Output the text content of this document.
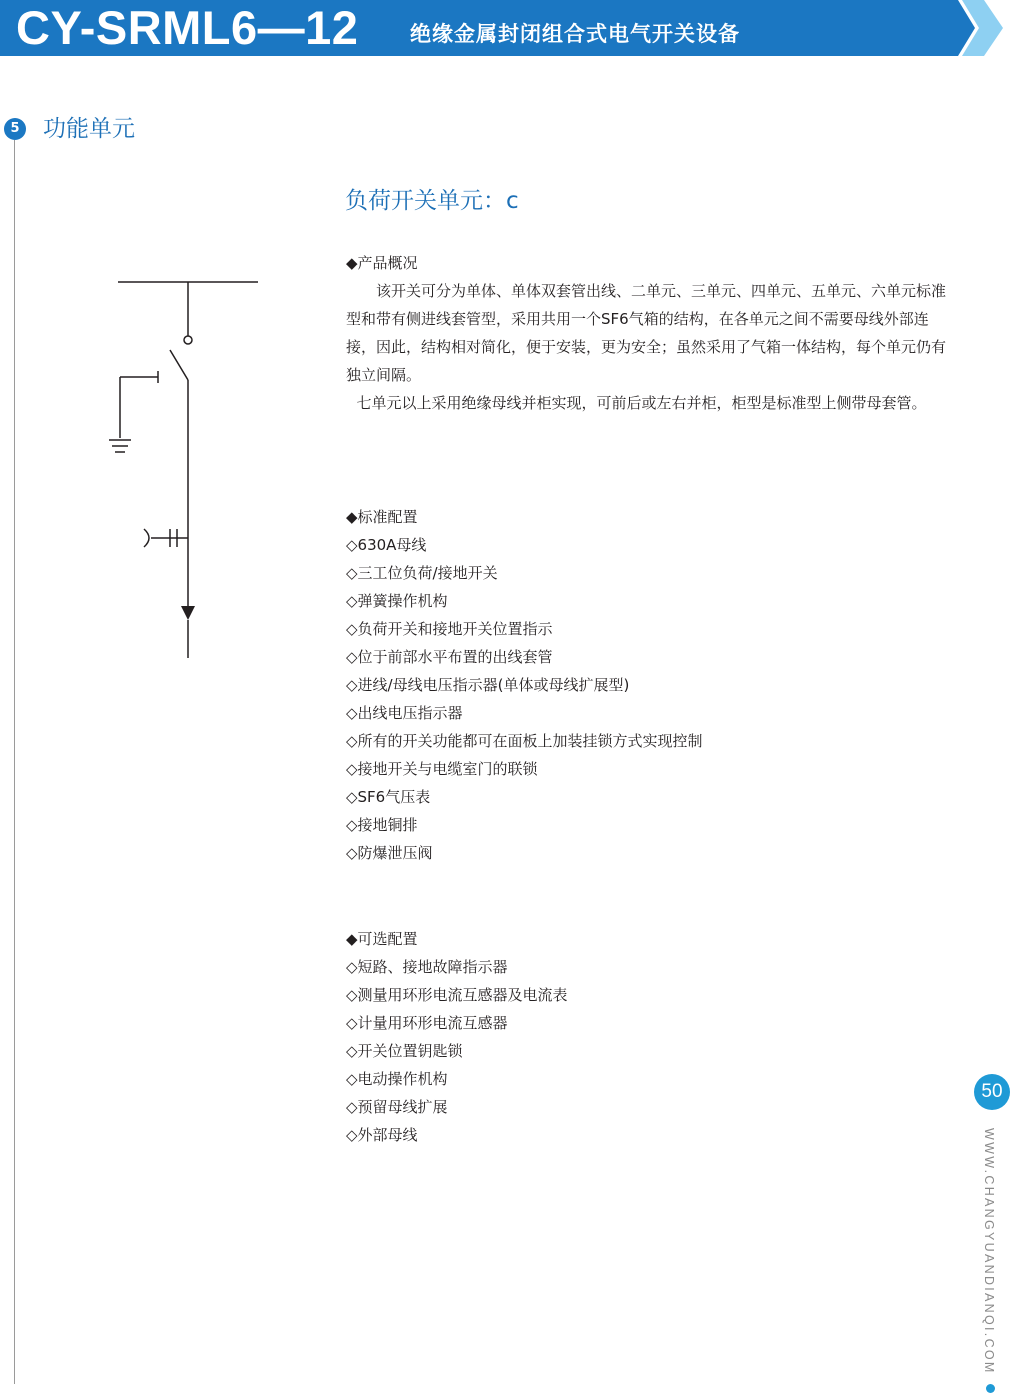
CY-SRML6—12 绝缘金属封闭组合式电气开关设备
5 功能单元
负荷开关单元：c

◆产品概况

该开关可分为单体、单体双套管出线、二单元、三单元、四单元、五单元、六单元标准型和带有侧进线套管型，采用共用一个SF6气箱的结构，在各单元之间不需要母线外部连接，因此，结构相对简化，便于安装，更为安全；虽然采用了气箱一体结构，每个单元仍有独立间隔。

七单元以上采用绝缘母线并柜实现，可前后或左右并柜，柜型是标准型上侧带母套管。

◆标准配置

◇630A母线
◇三工位负荷/接地开关
◇弹簧操作机构
◇负荷开关和接地开关位置指示
◇位于前部水平布置的出线套管
◇进线/母线电压指示器(单体或母线扩展型)
◇出线电压指示器
◇所有的开关功能都可在面板上加装挂锁方式实现控制
◇接地开关与电缆室门的联锁
◇SF6气压表
◇接地铜排
◇防爆泄压阀

◆可选配置

◇短路、接地故障指示器
◇测量用环形电流互感器及电流表
◇计量用环形电流互感器
◇开关位置钥匙锁
◇电动操作机构
◇预留母线扩展
◇外部母线
50
WWW.CHANGYUANDIANQI.COM
